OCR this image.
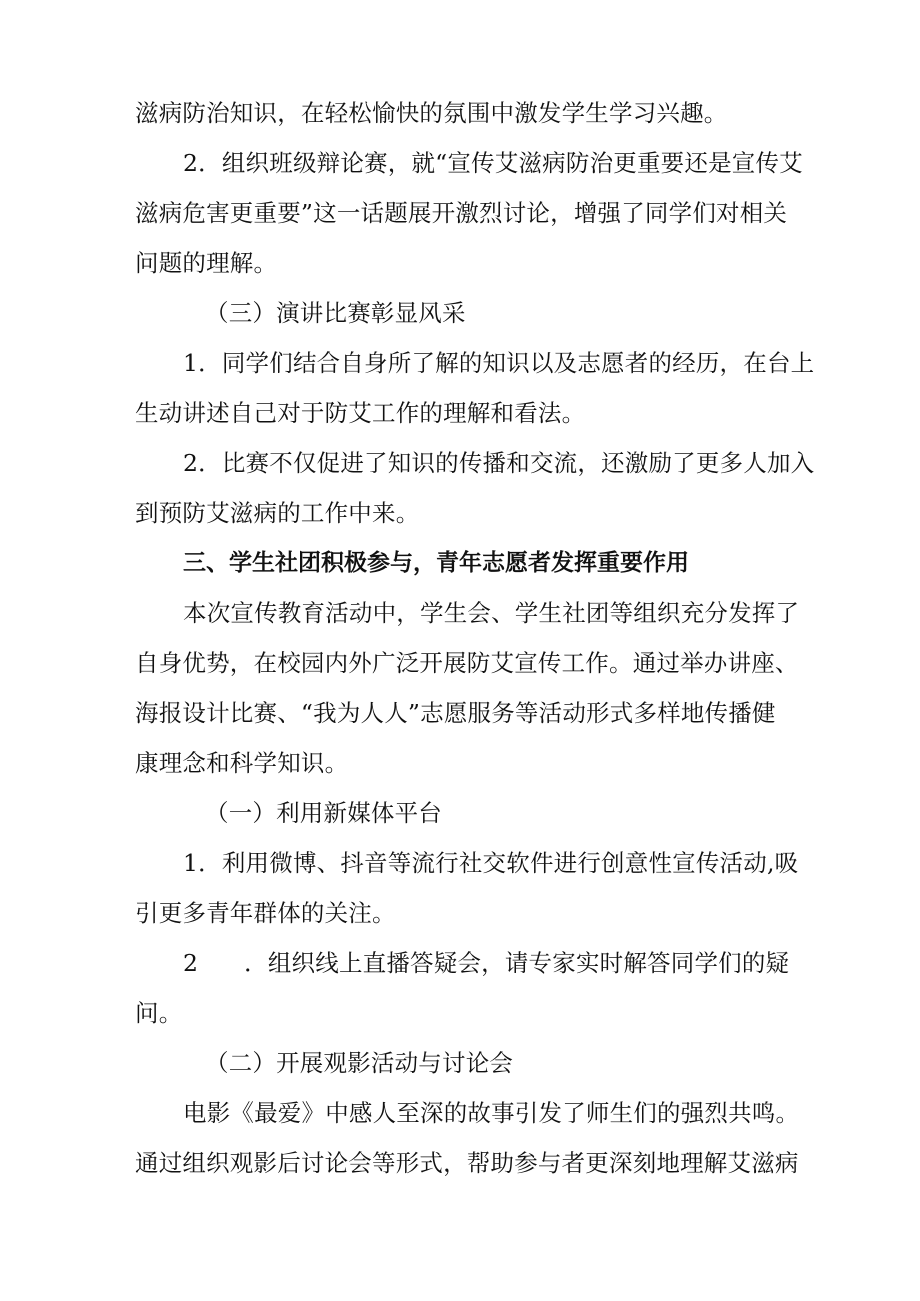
滋病防治知识，在轻松愉快的氛围中激发学生学习兴趣。
2．组织班级辩论赛，就“宣传艾滋病防治更重要还是宣传艾
滋病危害更重要”这一话题展开激烈讨论，增强了同学们对相关
问题的理解。
（三）演讲比赛彰显风采
1．同学们结合自身所了解的知识以及志愿者的经历，在台上
生动讲述自己对于防艾工作的理解和看法。
2．比赛不仅促进了知识的传播和交流，还激励了更多人加入
到预防艾滋病的工作中来。
三、学生社团积极参与，青年志愿者发挥重要作用
本次宣传教育活动中，学生会、学生社团等组织充分发挥了
自身优势，在校园内外广泛开展防艾宣传工作。通过举办讲座、
海报设计比赛、“我为人人”志愿服务等活动形式多样地传播健
康理念和科学知识。
（一）利用新媒体平台
1．利用微博、抖音等流行社交软件进行创意性宣传活动,吸
引更多青年群体的关注。
2 ．组织线上直播答疑会，请专家实时解答同学们的疑
问。
（二）开展观影活动与讨论会
电影《最爱》中感人至深的故事引发了师生们的强烈共鸣。
通过组织观影后讨论会等形式，帮助参与者更深刻地理解艾滋病
